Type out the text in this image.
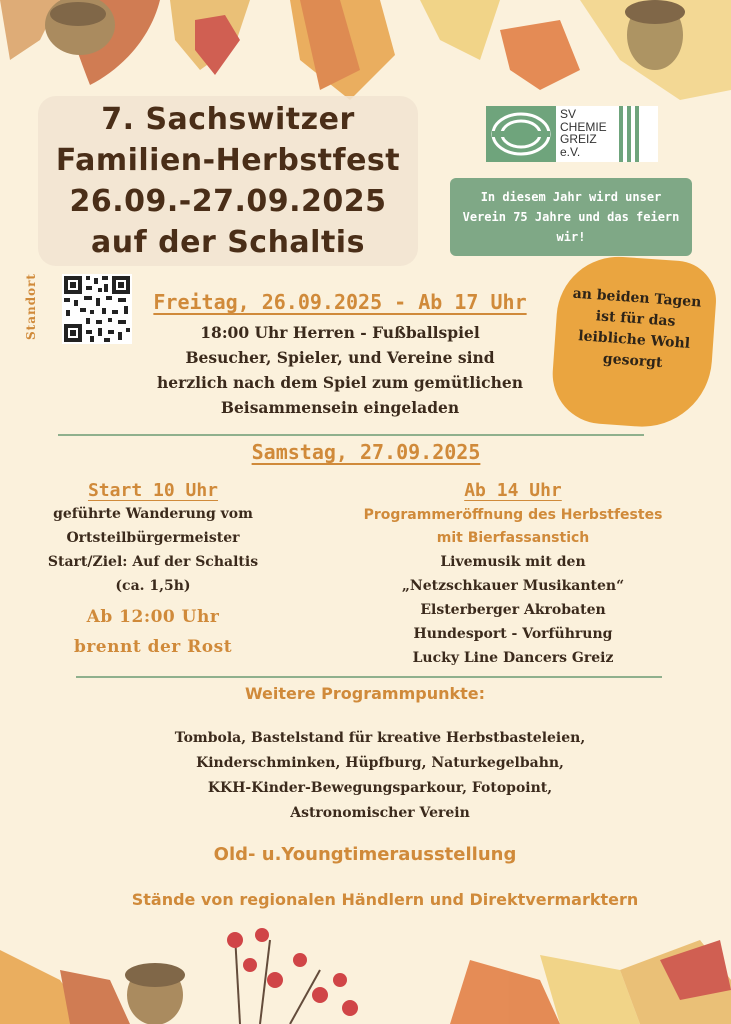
7. Sachswitzer
Familien-Herbstfest
26.09.-27.09.2025
auf der Schaltis
SV
CHEMIE
GREIZ
e.V.
In diesem Jahr wird unser Verein 75 Jahre und das feiern wir!
Standort	an beiden Tagen ist für das leibliche Wohl gesorgt
Freitag, 26.09.2025 - Ab 17 Uhr
18:00 Uhr Herren - Fußballspiel
Besucher, Spieler, und Vereine sind
herzlich nach dem Spiel zum gemütlichen
Beisammensein eingeladen
Samstag, 27.09.2025
Start 10 Uhr
geführte Wanderung vom
Ortsteilbürgermeister
Start/Ziel: Auf der Schaltis
(ca. 1,5h)
Ab 12:00 Uhr
brennt der Rost
Ab 14 Uhr
Programmeröffnung des Herbstfestes
mit Bierfassanstich
Livemusik mit den
„Netzschkauer Musikanten“
Elsterberger Akrobaten
Hundesport - Vorführung
Lucky Line Dancers Greiz
Weitere Programmpunkte:
Tombola, Bastelstand für kreative Herbstbasteleien,
Kinderschminken, Hüpfburg, Naturkegelbahn,
KKH-Kinder-Bewegungsparkour, Fotopoint,
Astronomischer Verein
Old- u.Youngtimerausstellung
Stände von regionalen Händlern und Direktvermarktern
